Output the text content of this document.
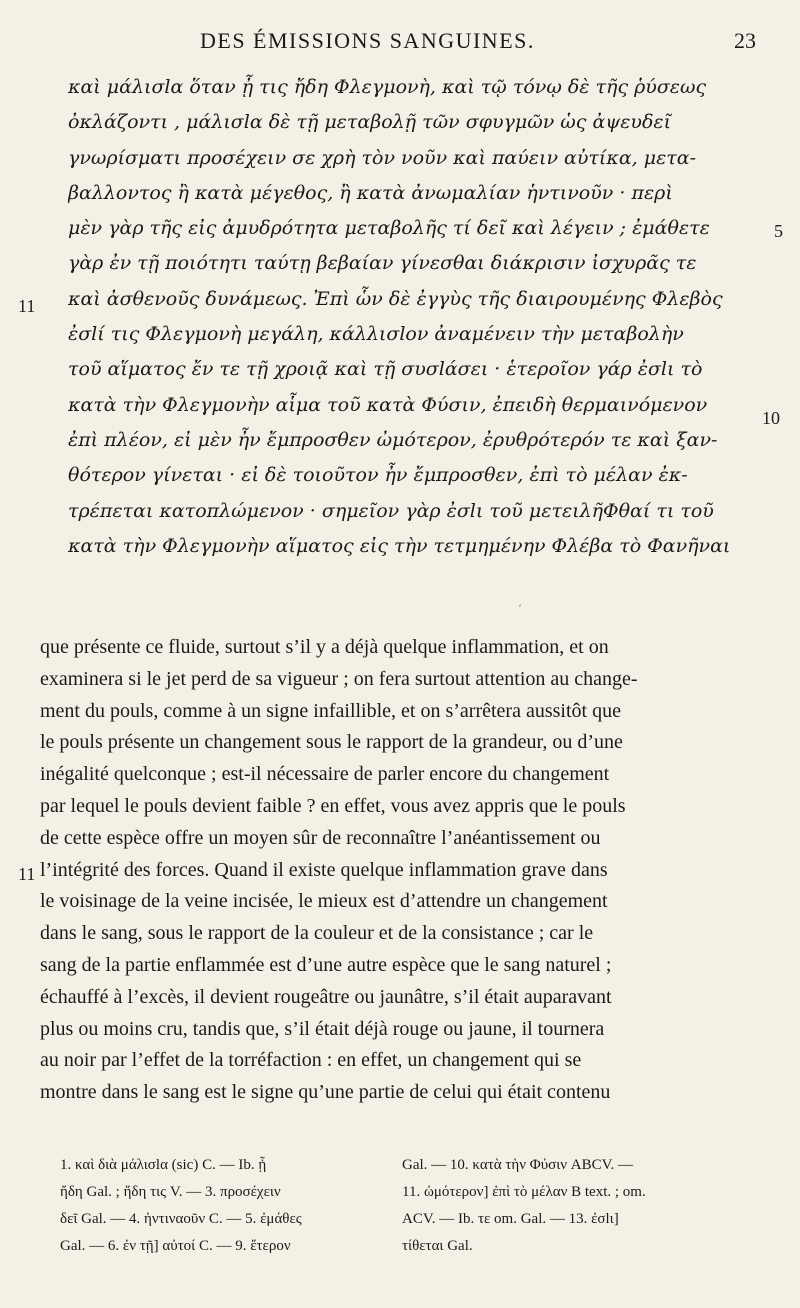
DES ÉMISSIONS SANGUINES.	23
καὶ μάλισlα ὅταν ᾖ τις ἤδη Φλεγμονὴ, καὶ τῷ τόνῳ δὲ τῆς ῥύσεως
ὀκλάζοντι , μάλισlα δὲ τῇ μεταβολῇ τῶν σφυγμῶν ὡς ἀψευδεῖ
γνωρίσματι προσέχειν σε χρὴ τὸν νοῦν καὶ παύειν αὐτίκα, μετα-
βαλλοντος ἢ κατὰ μέγεθος, ἢ κατὰ ἀνωμαλίαν ἡντινοῦν · περὶ
μὲν γὰρ τῆς εἰς ἀμυδρότητα μεταβολῆς τί δεῖ καὶ λέγειν ; ἐμάθετε
γὰρ ἐν τῇ ποιότητι ταύτῃ βεβαίαν γίνεσθαι διάκρισιν ἰσχυρᾶς τε
καὶ ἀσθενοῦς δυνάμεως. Ἐπὶ ὧν δὲ ἐγγὺς τῆς διαιρουμένης Φλεβὸς
ἐσlί τις Φλεγμονὴ μεγάλη, κάλλισlον ἀναμένειν τὴν μεταβολὴν
τοῦ αἵματος ἔν τε τῇ χροιᾷ καὶ τῇ συσlάσει · ἑτεροῖον γάρ ἐσlι τὸ
κατὰ τὴν Φλεγμονὴν αἷμα τοῦ κατὰ Φύσιν, ἐπειδὴ θερμαινόμενον
ἐπὶ πλέον, εἰ μὲν ἦν ἔμπροσθεν ὠμότερον, ἐρυθρότερόν τε καὶ ξαν-
θότερον γίνεται · εἰ δὲ τοιοῦτον ἦν ἔμπροσθεν, ἐπὶ τὸ μέλαν ἐκ-
τρέπεται κατοπλώμενον · σημεῖον γὰρ ἐσlι τοῦ μετειλῆΦθαί τι τοῦ
κατὰ τὴν Φλεγμονὴν αἵματος εἰς τὴν τετμημένην Φλέβα τὸ Φανῆναι
5
11
10
ʼ
que présente ce fluide, surtout s’il y a déjà quelque inflammation, et on
examinera si le jet perd de sa vigueur ; on fera surtout attention au change-
ment du pouls, comme à un signe infaillible, et on s’arrêtera aussitôt que
le pouls présente un changement sous le rapport de la grandeur, ou d’une
inégalité quelconque ; est-il nécessaire de parler encore du changement
par lequel le pouls devient faible ? en effet, vous avez appris que le pouls
de cette espèce offre un moyen sûr de reconnaître l’anéantissement ou
l’intégrité des forces. Quand il existe quelque inflammation grave dans
le voisinage de la veine incisée, le mieux est d’attendre un changement
dans le sang, sous le rapport de la couleur et de la consistance ; car le
sang de la partie enflammée est d’une autre espèce que le sang naturel ;
échauffé à l’excès, il devient rougeâtre ou jaunâtre, s’il était auparavant
plus ou moins cru, tandis que, s’il était déjà rouge ou jaune, il tournera
au noir par l’effet de la torréfaction : en effet, un changement qui se
montre dans le sang est le signe qu’une partie de celui qui était contenu
11
1. καὶ διὰ μάλισlα (sic) C. — Ib. ᾖ
ἤδη Gal. ; ἤδη τις V. — 3. προσέχειν
δεῖ Gal. — 4. ἡντιναοῦν C. — 5. ἐμάθες
Gal. — 6. ἐν τῇ] αὐτοί C. — 9. ἕτερον
Gal. — 10. κατὰ τὴν Φύσιν ABCV. —
11. ὠμότερον] ἐπὶ τὸ μέλαν B text. ; om.
ACV. — Ib. τε om. Gal. — 13. ἐσlι]
τίθεται Gal.
